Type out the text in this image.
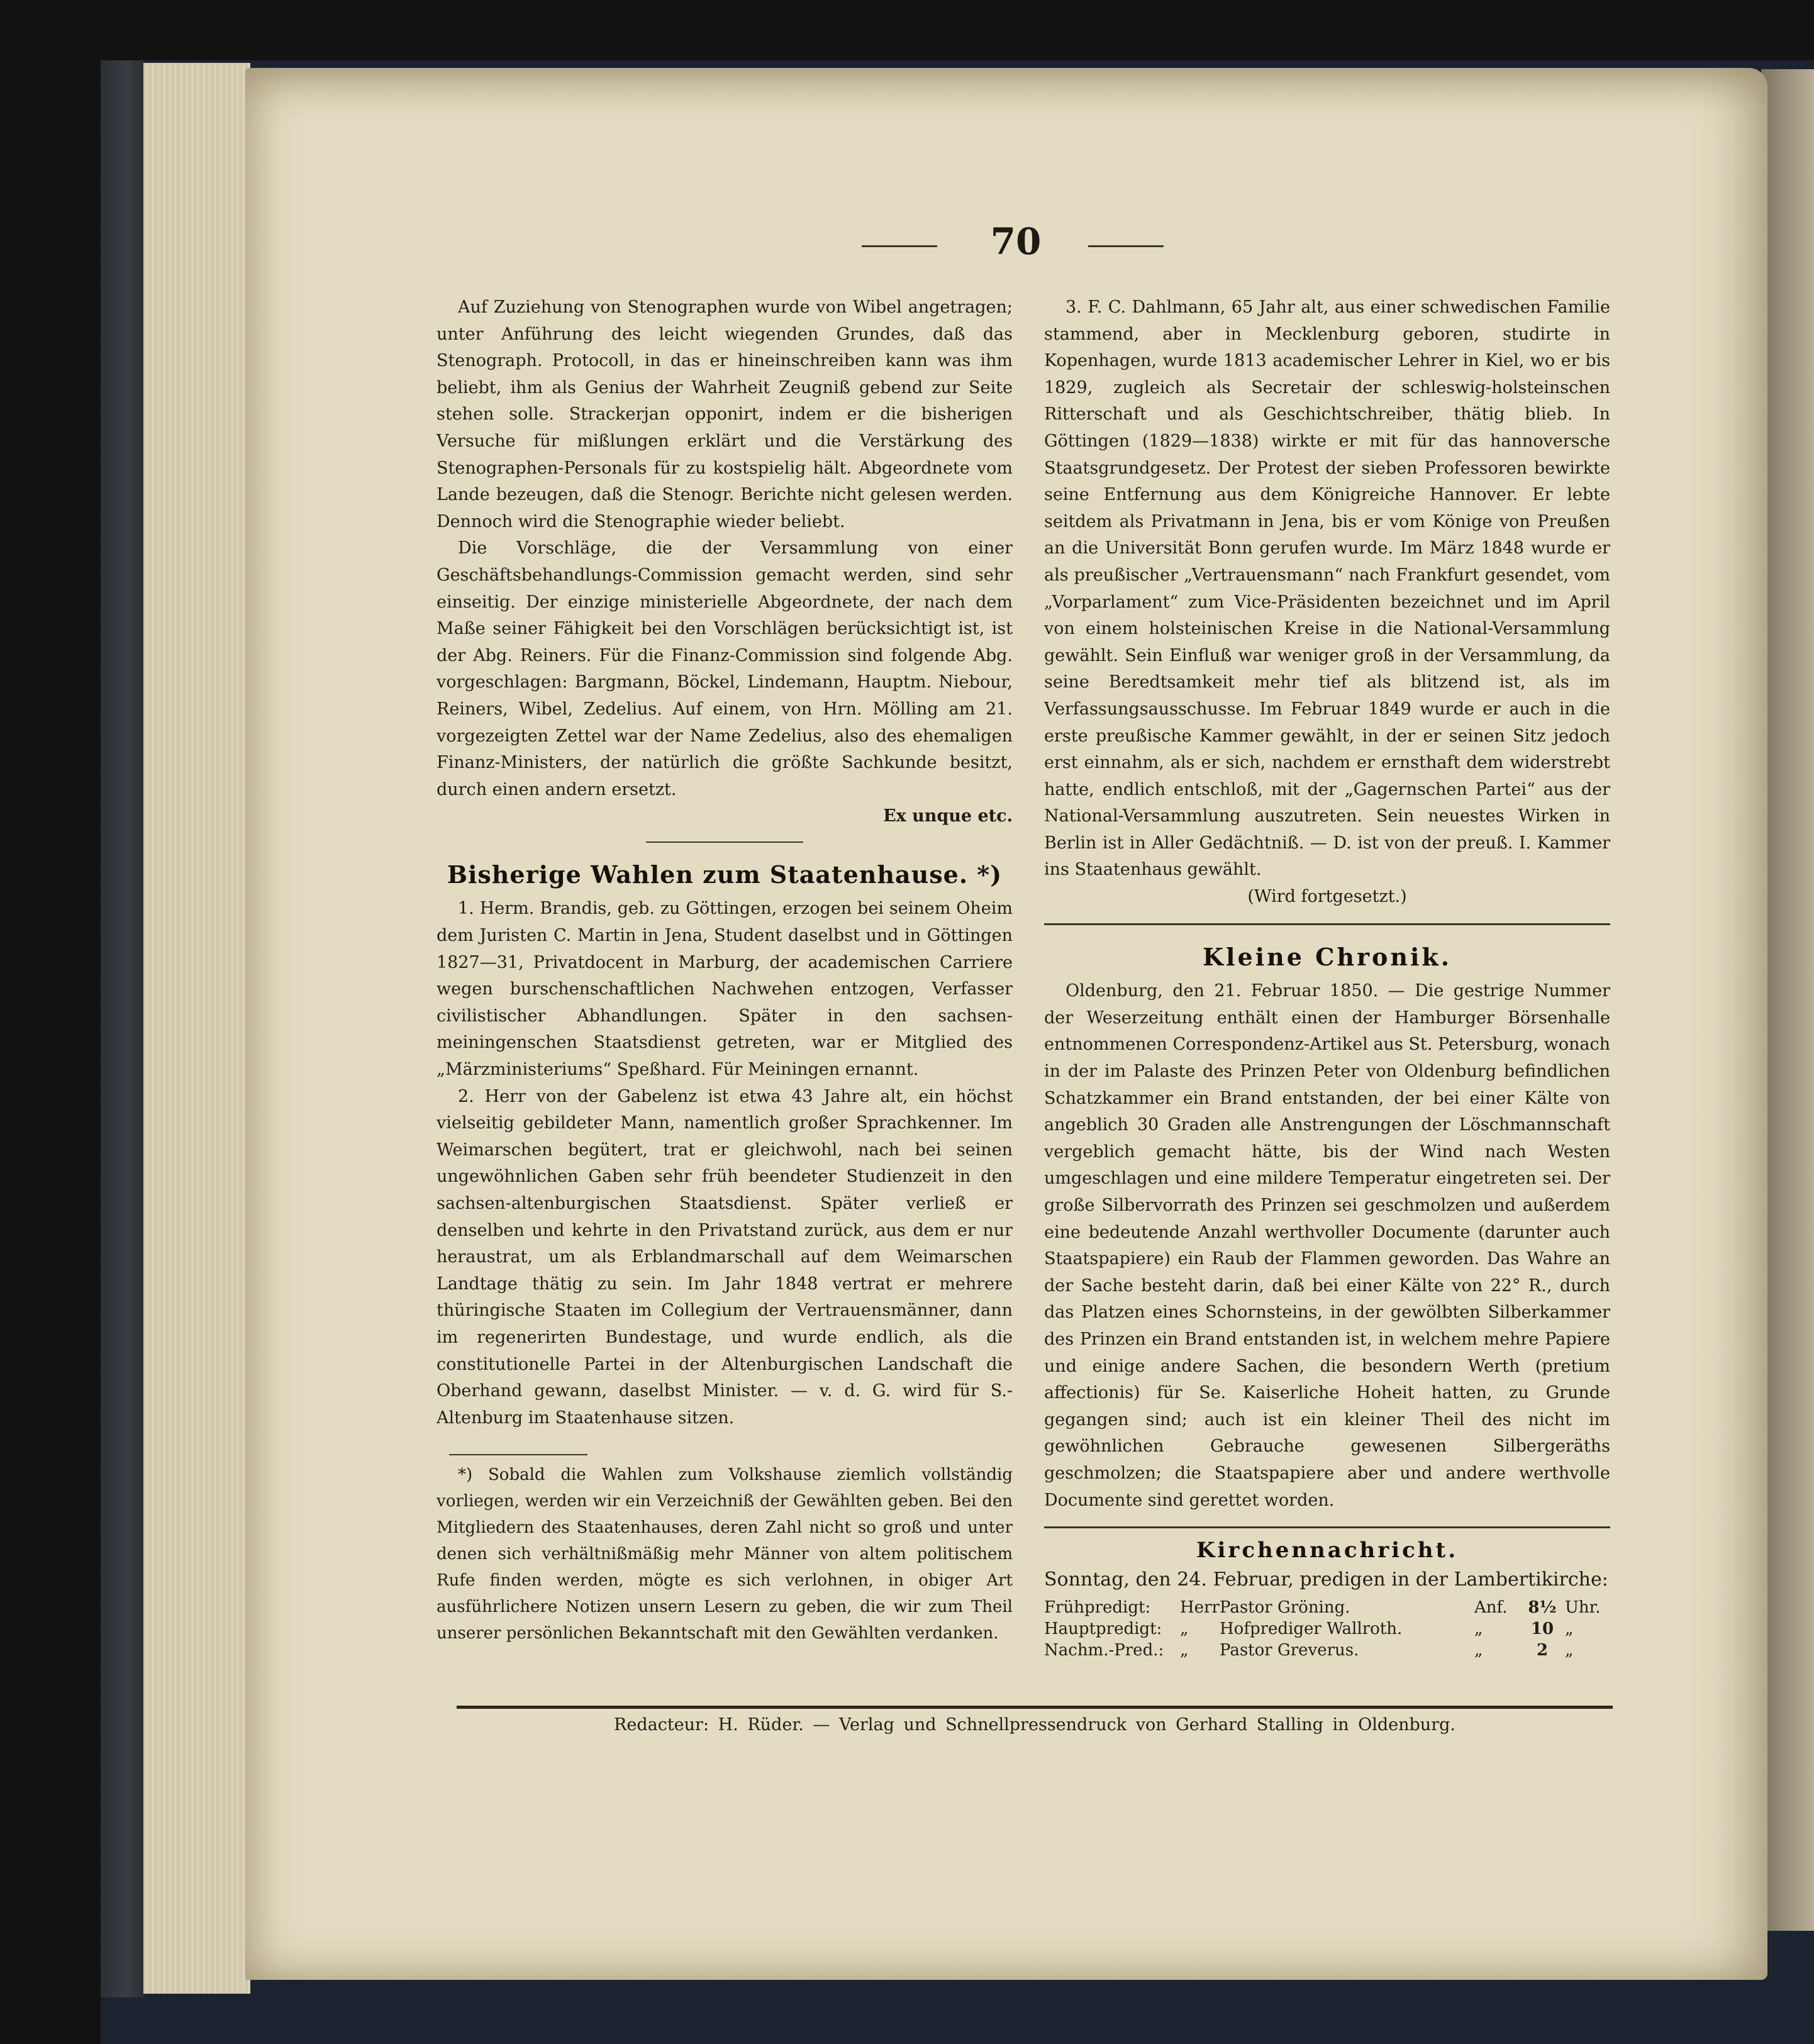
70

Auf Zuziehung von Stenographen wurde von Wibel angetragen; unter Anführung des leicht wiegenden Grundes, daß das Stenograph. Protocoll, in das er hineinschreiben kann was ihm beliebt, ihm als Genius der Wahrheit Zeugniß gebend zur Seite stehen solle. Strackerjan opponirt, indem er die bisherigen Versuche für mißlungen erklärt und die Verstärkung des Stenographen-Personals für zu kostspielig hält. Abgeordnete vom Lande bezeugen, daß die Stenogr. Berichte nicht gelesen werden. Dennoch wird die Stenographie wieder beliebt.

Die Vorschläge, die der Versammlung von einer Geschäftsbehandlungs-Commission gemacht werden, sind sehr einseitig. Der einzige ministerielle Abgeordnete, der nach dem Maße seiner Fähigkeit bei den Vorschlägen berücksichtigt ist, ist der Abg. Reiners. Für die Finanz-Commission sind folgende Abg. vorgeschlagen: Bargmann, Böckel, Lindemann, Hauptm. Niebour, Reiners, Wibel, Zedelius. Auf einem, von Hrn. Mölling am 21. vorgezeigten Zettel war der Name Zedelius, also des ehemaligen Finanz-Ministers, der natürlich die größte Sachkunde besitzt, durch einen andern ersetzt.

Ex unque etc.

Bisherige Wahlen zum Staatenhause. *)

1. Herm. Brandis, geb. zu Göttingen, erzogen bei seinem Oheim dem Juristen C. Martin in Jena, Student daselbst und in Göttingen 1827—31, Privatdocent in Marburg, der academischen Carriere wegen burschenschaftlichen Nachwehen entzogen, Verfasser civilistischer Abhandlungen. Später in den sachsen-meiningenschen Staatsdienst getreten, war er Mitglied des „Märzministeriums“ Speßhard. Für Meiningen ernannt.

2. Herr von der Gabelenz ist etwa 43 Jahre alt, ein höchst vielseitig gebildeter Mann, namentlich großer Sprachkenner. Im Weimarschen begütert, trat er gleichwohl, nach bei seinen ungewöhnlichen Gaben sehr früh beendeter Studienzeit in den sachsen-altenburgischen Staatsdienst. Später verließ er denselben und kehrte in den Privatstand zurück, aus dem er nur heraustrat, um als Erblandmarschall auf dem Weimarschen Landtage thätig zu sein. Im Jahr 1848 vertrat er mehrere thüringische Staaten im Collegium der Vertrauensmänner, dann im regenerirten Bundestage, und wurde endlich, als die constitutionelle Partei in der Altenburgischen Landschaft die Oberhand gewann, daselbst Minister. — v. d. G. wird für S.-Altenburg im Staatenhause sitzen.

*) Sobald die Wahlen zum Volkshause ziemlich vollständig vorliegen, werden wir ein Verzeichniß der Gewählten geben. Bei den Mitgliedern des Staatenhauses, deren Zahl nicht so groß und unter denen sich verhältnißmäßig mehr Männer von altem politischem Rufe finden werden, mögte es sich verlohnen, in obiger Art ausführlichere Notizen unsern Lesern zu geben, die wir zum Theil unserer persönlichen Bekanntschaft mit den Gewählten verdanken.

3. F. C. Dahlmann, 65 Jahr alt, aus einer schwedischen Familie stammend, aber in Mecklenburg geboren, studirte in Kopenhagen, wurde 1813 academischer Lehrer in Kiel, wo er bis 1829, zugleich als Secretair der schleswig-holsteinschen Ritterschaft und als Geschichtschreiber, thätig blieb. In Göttingen (1829—1838) wirkte er mit für das hannoversche Staatsgrundgesetz. Der Protest der sieben Professoren bewirkte seine Entfernung aus dem Königreiche Hannover. Er lebte seitdem als Privatmann in Jena, bis er vom Könige von Preußen an die Universität Bonn gerufen wurde. Im März 1848 wurde er als preußischer „Vertrauensmann“ nach Frankfurt gesendet, vom „Vorparlament“ zum Vice-Präsidenten bezeichnet und im April von einem holsteinischen Kreise in die National-Versammlung gewählt. Sein Einfluß war weniger groß in der Versammlung, da seine Beredtsamkeit mehr tief als blitzend ist, als im Verfassungsausschusse. Im Februar 1849 wurde er auch in die erste preußische Kammer gewählt, in der er seinen Sitz jedoch erst einnahm, als er sich, nachdem er ernsthaft dem widerstrebt hatte, endlich entschloß, mit der „Gagernschen Partei“ aus der National-Versammlung auszutreten. Sein neuestes Wirken in Berlin ist in Aller Gedächtniß. — D. ist von der preuß. I. Kammer ins Staatenhaus gewählt.

(Wird fortgesetzt.)

Kleine Chronik.

Oldenburg, den 21. Februar 1850. — Die gestrige Nummer der Weserzeitung enthält einen der Hamburger Börsenhalle entnommenen Correspondenz-Artikel aus St. Petersburg, wonach in der im Palaste des Prinzen Peter von Oldenburg befindlichen Schatzkammer ein Brand entstanden, der bei einer Kälte von angeblich 30 Graden alle Anstrengungen der Löschmannschaft vergeblich gemacht hätte, bis der Wind nach Westen umgeschlagen und eine mildere Temperatur eingetreten sei. Der große Silbervorrath des Prinzen sei geschmolzen und außerdem eine bedeutende Anzahl werthvoller Documente (darunter auch Staatspapiere) ein Raub der Flammen geworden. Das Wahre an der Sache besteht darin, daß bei einer Kälte von 22° R., durch das Platzen eines Schornsteins, in der gewölbten Silberkammer des Prinzen ein Brand entstanden ist, in welchem mehre Papiere und einige andere Sachen, die besondern Werth (pretium affectionis) für Se. Kaiserliche Hoheit hatten, zu Grunde gegangen sind; auch ist ein kleiner Theil des nicht im gewöhnlichen Gebrauche gewesenen Silbergeräths geschmolzen; die Staatspapiere aber und andere werthvolle Documente sind gerettet worden.

Kirchennachricht.

Sonntag, den 24. Februar, predigen in der Lambertikirche:

Frühpredigt:	Herr	Pastor Gröning.	Anf.	8½	Uhr.
Hauptpredigt:	„	Hofprediger Wallroth.	„	10	„
Nachm.-Pred.:	„	Pastor Greverus.	„	2	„
Redacteur: H. Rüder. — Verlag und Schnellpressendruck von Gerhard Stalling in Oldenburg.
